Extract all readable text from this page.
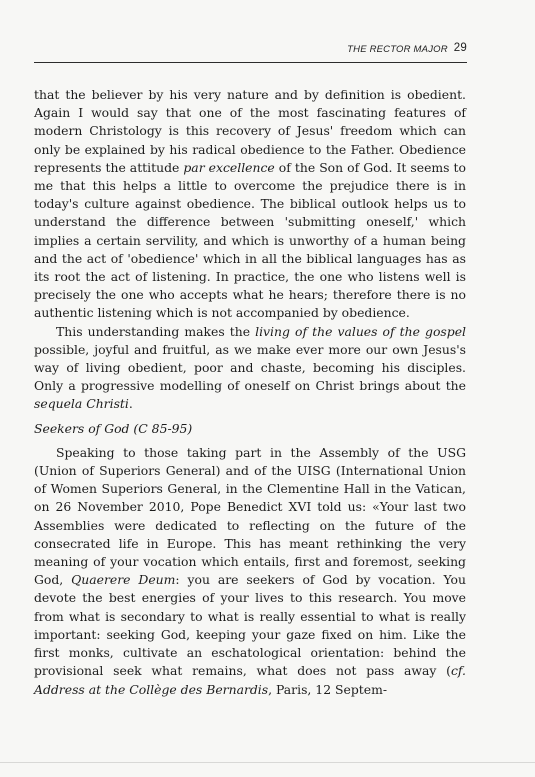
THE RECTOR MAJOR 29

that the believer by his very nature and by definition is obedient. Again I would say that one of the most fascinating features of modern Christology is this recovery of Jesus' freedom which can only be explained by his radical obedience to the Father. Obedience represents the attitude par excellence of the Son of God. It seems to me that this helps a little to overcome the prejudice there is in today's culture against obedience. The biblical outlook helps us to understand the difference between 'submitting oneself,' which implies a certain servility, and which is unworthy of a human being and the act of 'obedience' which in all the biblical languages has as its root the act of listening. In practice, the one who listens well is precisely the one who accepts what he hears; therefore there is no authentic listening which is not accompanied by obedience.

This understanding makes the living of the values of the gospel possible, joyful and fruitful, as we make ever more our own Jesus's way of living obedient, poor and chaste, becoming his disciples. Only a progressive modelling of oneself on Christ brings about the sequela Christi.

Seekers of God (C 85-95)

Speaking to those taking part in the Assembly of the USG (Union of Superiors General) and of the UISG (International Union of Women Superiors General, in the Clementine Hall in the Vatican, on 26 November 2010, Pope Benedict XVI told us: «Your last two Assemblies were dedicated to reflecting on the future of the consecrated life in Europe. This has meant rethinking the very meaning of your vocation which entails, first and foremost, seeking God, Quaerere Deum: you are seekers of God by vocation. You devote the best energies of your lives to this research. You move from what is secondary to what is really essential to what is really important: seeking God, keeping your gaze fixed on him. Like the first monks, cultivate an eschatological orientation: behind the provisional seek what remains, what does not pass away (cf. Address at the Collège des Bernardis, Paris, 12 Septem-
